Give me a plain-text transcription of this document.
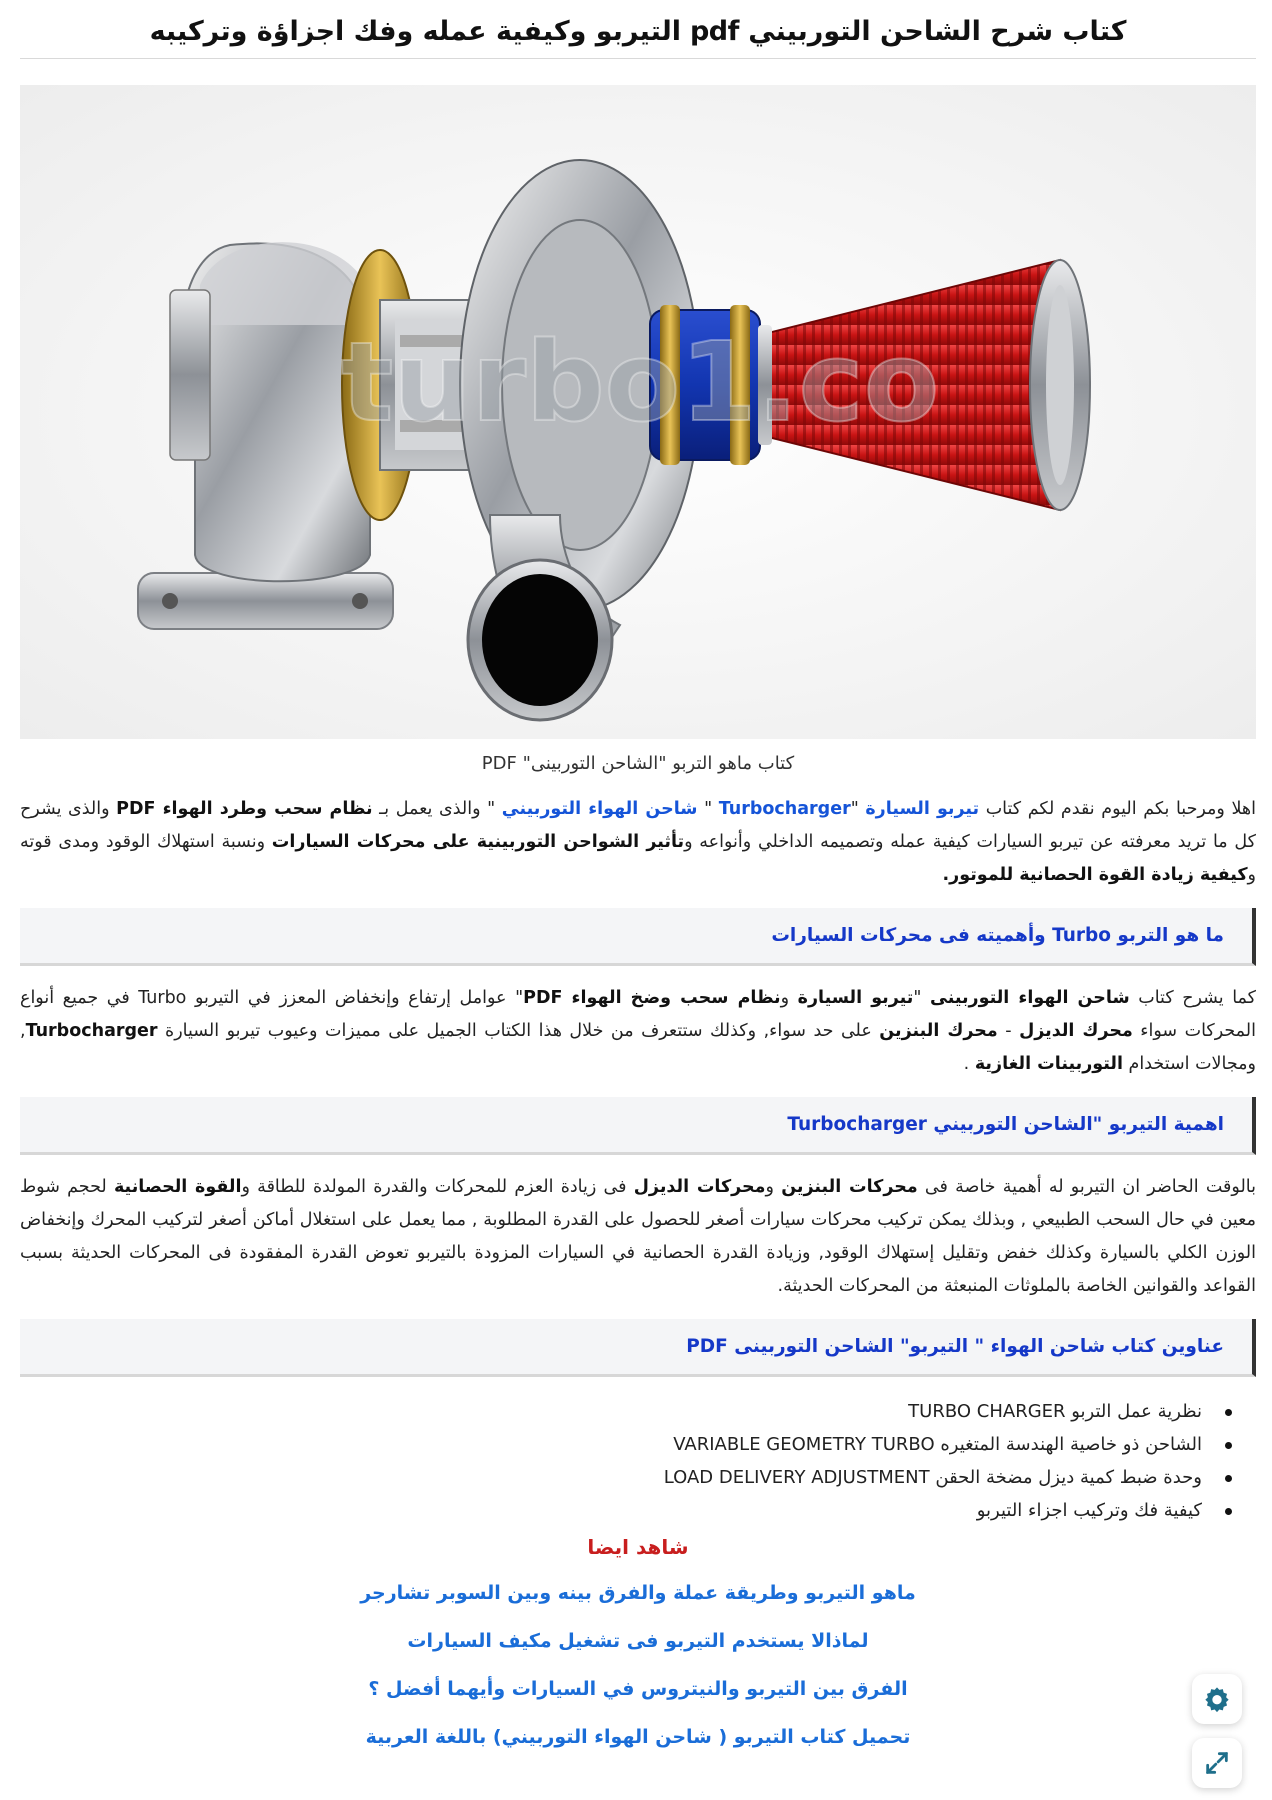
كتاب شرح الشاحن التوربيني pdf التيربو وكيفية عمله وفك اجزاؤة وتركيبه
turbo1.co

كتاب ماهو التربو "الشاحن التوربينى" PDF

اهلا ومرحبا بكم اليوم نقدم لكم كتاب تيربو السيارة "Turbocharger " شاحن الهواء التوربيني " والذى يعمل بـ نظام سحب وطرد الهواء PDF والذى يشرح كل ما تريد معرفته عن تيربو السيارات كيفية عمله وتصميمه الداخلي وأنواعه وتأثير الشواحن التوربينية على محركات السيارات ونسبة استهلاك الوقود ومدى قوته وكيفية زيادة القوة الحصانية للموتور.

ما هو التربو Turbo وأهميته فى محركات السيارات

كما يشرح كتاب شاحن الهواء التوربينى "تيربو السيارة ونظام سحب وضخ الهواء PDF" عوامل إرتفاع وإنخفاض المعزز في التيربو Turbo في جميع أنواع المحركات سواء محرك الديزل - محرك البنزين على حد سواء, وكذلك ستتعرف من خلال هذا الكتاب الجميل على مميزات وعيوب تيربو السيارة Turbocharger, ومجالات استخدام التوربينات الغازية .

اهمية التيربو "الشاحن التوربيني Turbocharger

بالوقت الحاضر ان التيربو له أهمية خاصة فى محركات البنزين ومحركات الديزل فى زيادة العزم للمحركات والقدرة المولدة للطاقة والقوة الحصانية لحجم شوط معين في حال السحب الطبيعي , وبذلك يمكن تركيب محركات سيارات أصغر للحصول على القدرة المطلوبة , مما يعمل على استغلال أماكن أصغر لتركيب المحرك وإنخفاض الوزن الكلي بالسيارة وكذلك خفض وتقليل إستهلاك الوقود, وزيادة القدرة الحصانية في السيارات المزودة بالتيربو تعوض القدرة المفقودة فى المحركات الحديثة بسبب القواعد والقوانين الخاصة بالملوثات المنبعثة من المحركات الحديثة.

عناوين كتاب شاحن الهواء " التيربو" الشاحن التوربينى PDF
نظرية عمل التربو TURBO CHARGER
الشاحن ذو خاصية الهندسة المتغيره VARIABLE GEOMETRY TURBO
وحدة ضبط كمية ديزل مضخة الحقن LOAD DELIVERY ADJUSTMENT
كيفية فك وتركيب اجزاء التيربو
شاهد ايضا
ماهو التيربو وطريقة عملة والفرق بينه وبين السوبر تشارجر
لماذالا يستخدم التيربو فى تشغيل مكيف السيارات
الفرق بين التيربو والنيتروس في السيارات وأيهما أفضل ؟
تحميل كتاب التيربو ( شاحن الهواء التوربيني) باللغة العربية
